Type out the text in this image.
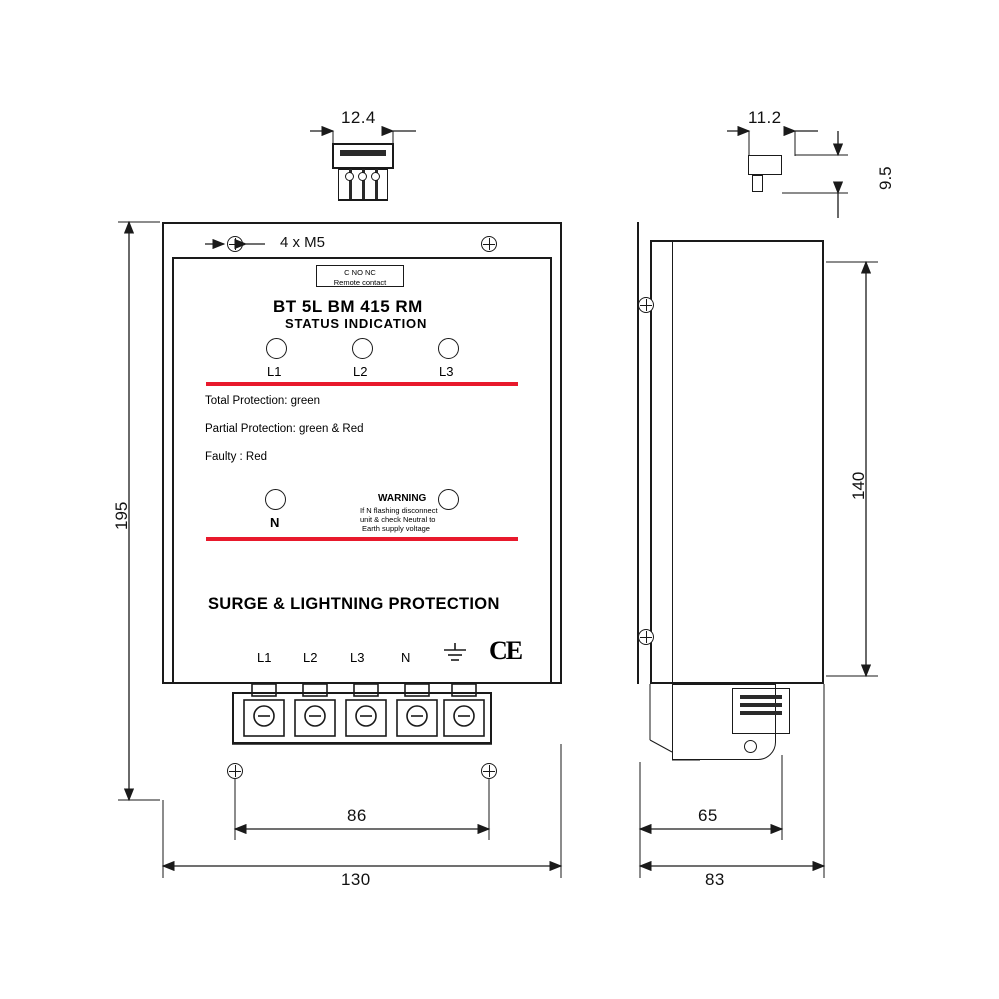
12.4
4 x M5
C NO NC
Remote contact
BT 5L BM 415 RM
STATUS INDICATION
L1	L2	L3
Total Protection: green
Partial Protection: green & Red
Faulty : Red
N
WARNING
If N flashing disconnect
unit & check Neutral to
Earth supply voltage
SURGE & LIGHTNING PROTECTION
L1 L2	L3	N	CE
11.2
9.5
195
86
130
140
65
83
